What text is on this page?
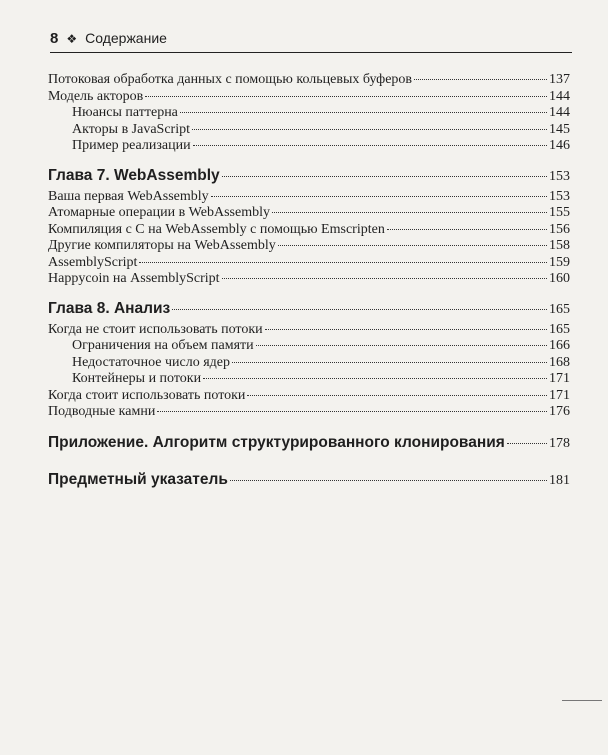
8 ❖ Содержание
Потоковая обработка данных с помощью кольцевых буферов	137
Модель акторов	144
Нюансы паттерна	144
Акторы в JavaScript	145
Пример реализации	146
Глава 7. WebAssembly	153
Ваша первая WebAssembly	153
Атомарные операции в WebAssembly	155
Компиляция с С на WebAssembly с помощью Emscripten	156
Другие компиляторы на WebAssembly	158
AssemblyScript	159
Happycoin на AssemblyScript	160
Глава 8. Анализ	165
Когда не стоит использовать потоки	165
Ограничения на объем памяти	166
Недостаточное число ядер	168
Контейнеры и потоки	171
Когда стоит использовать потоки	171
Подводные камни	176
Приложение. Алгоритм структурированного клонирования	178
Предметный указатель	181
